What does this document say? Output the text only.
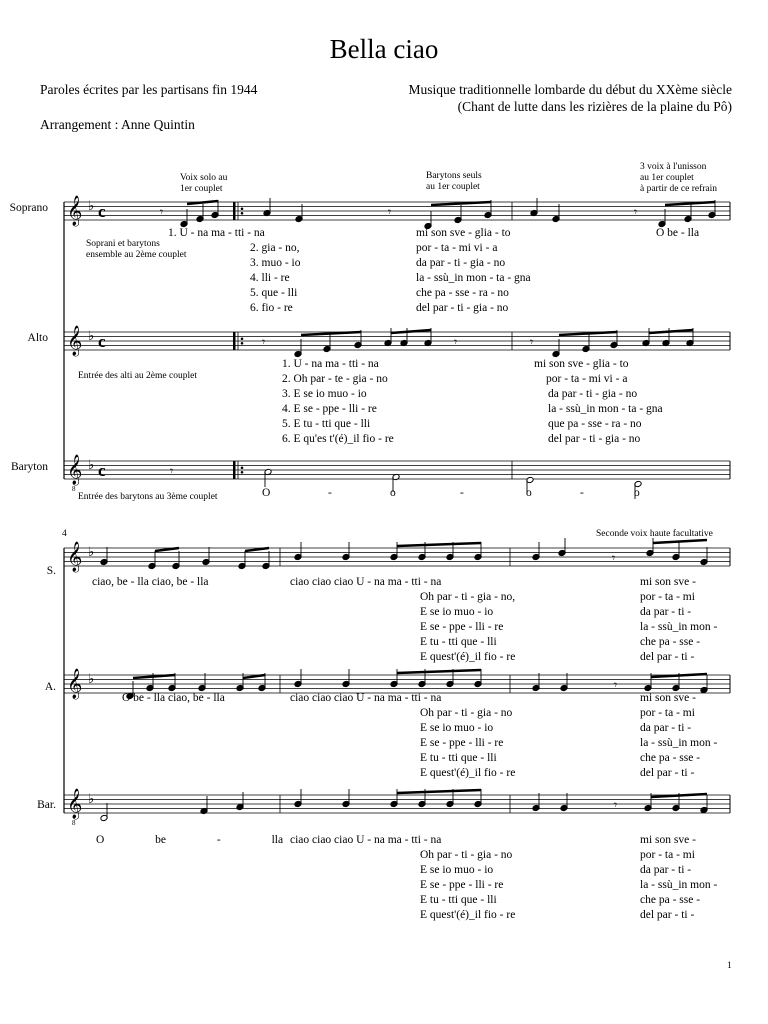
𝄞 ♭ c
𝄞 ♭ c
𝄞
8
♭ c
𝄾	𝄾	𝄾
𝄾	𝄾	𝄾
𝄾
𝄞 ♭
𝄞 ♭
𝄞
8
♭
𝄾
𝄾
𝄾
Bella ciao
Paroles écrites par les partisans fin 1944	Musique traditionnelle lombarde du début du XXème siècle
(Chant de lutte dans les rizières de la plaine du Pô)
Arrangement : Anne Quintin
Soprano
Alto
Baryton
Voix solo au
1er couplet
Barytons seuls
au 1er couplet
3 voix à l'unisson
au 1er couplet
à partir de ce refrain
Soprani et barytons
ensemble au 2ème couplet
Entrée des alti au 2ème couplet
Entrée des barytons au 3ème couplet
1. U - na ma - tti - na	mi son sve - glia - to	O be - lla
2. gia - no,	por - ta - mi vi - a
3. muo - io	da par - ti - gia - no
4. lli - re	la - ssù_in mon - ta - gna
5. que - lli	che pa - sse - ra - no
6. fio - re	del par - ti - gia - no
1. U - na ma - tti - na	mi son sve - glia - to
2. Oh par - te - gia - no	por - ta - mi vi - a
3. E se io muo - io	da par - ti - gia - no
4. E se - ppe - lli - re	la - ssù_in mon - ta - gna
5. E tu - tti que - lli	que pa - sse - ra - no
6. E qu'es t'(é)_il fio - re	del par - ti - gia - no
O	-	o	-	o	-	o
4	Seconde voix haute facultative
S.
A.
Bar.
ciao, be - lla ciao, be - lla	ciao ciao ciao U - na ma - tti - na	mi son sve -
Oh par - ti - gia - no,	por - ta - mi
E se io muo - io	da par - ti -
E se - ppe - lli - re	la - ssù_in mon -
E tu - tti que - lli	che pa - sse -
E quest'(é)_il fio - re	del par - ti -
O be - lla ciao, be - lla	ciao ciao ciao U - na ma - tti - na	mi son sve -
Oh par - ti - gia - no	por - ta - mi
E se io muo - io	da par - ti -
E se - ppe - lli - re	la - ssù_in mon -
E tu - tti que - lli	che pa - sse -
E quest'(é)_il fio - re	del par - ti -
O be - lla ciao ciao ciao U - na ma - tti - na	mi son sve -
Oh par - ti - gia - no	por - ta - mi
E se io muo - io	da par - ti -
E se - ppe - lli - re	la - ssù_in mon -
E tu - tti que - lli	che pa - sse -
E quest'(é)_il fio - re	del par - ti -
1
